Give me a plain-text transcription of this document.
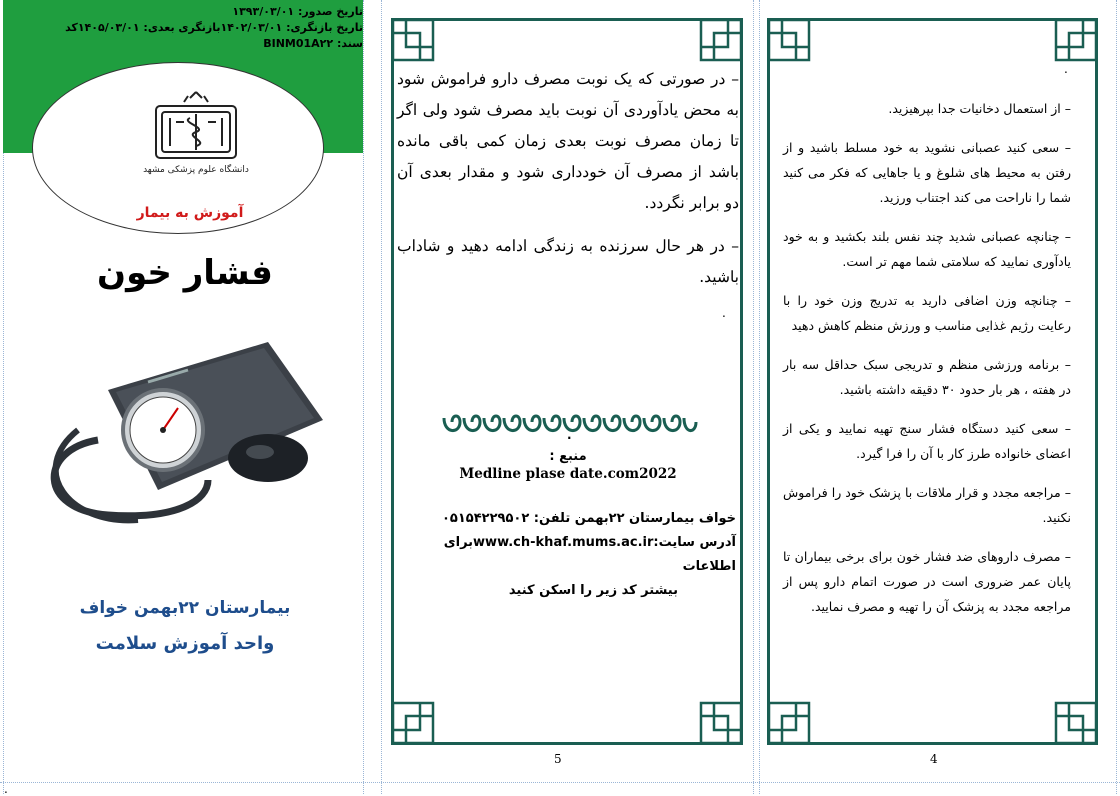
تاریخ صدور: ۱۳۹۳/۰۳/۰۱
تاریخ بازنگری: ۱۴۰۲/۰۳/۰۱بازنگری بعدی: ۱۴۰۵/۰۳/۰۱کد
سند: BINM01A۲۲
دانشگاه علوم پزشکی مشهد
آموزش به بیمار
فشار خون
بیمارستان ۲۲بهمن خواف
واحد آموزش سلامت

– در صورتی که یک نوبت مصرف دارو فراموش شود به محض یادآوردی آن نوبت باید مصرف شود ولی اگر تا زمان مصرف نوبت بعدی زمان کمی باقی مانده باشد از مصرف آن خودداری شود و مقدار بعدی آن دو برابر نگردد.

– در هر حال سرزنده به زندگی ادامه دهید و شاداب باشید.

.
.
منبع :
Medline plase date.com2022
خواف بیمارستان ۲۲بهمن تلفن: ۰۵۱۵۴۲۲۹۵۰۲
آدرس سایت:www.ch-khaf.mums.ac.irبرای اطلاعات
بیشتر کد زیر را اسکن کنید
5
.

– از استعمال دخانیات جدا بپرهیزید.

– سعی کنید عصبانی نشوید به خود مسلط باشید و از رفتن به محیط های شلوغ و یا جاهایی که فکر می کنید شما را ناراحت می کند اجتناب ورزید.

– چنانچه عصبانی شدید چند نفس بلند بکشید و به خود یادآوری نمایید که سلامتی شما مهم تر است.

– چنانچه وزن اضافی دارید به تدریج وزن خود را با رعایت رژیم غذایی مناسب و ورزش منظم کاهش دهید

– برنامه ورزشی منظم و تدریجی سبک حداقل سه بار در هفته ، هر بار حدود ۳۰ دقیقه داشته باشید.

– سعی کنید دستگاه فشار سنج تهیه نمایید و یکی از اعضای خانواده طرز کار با آن را فرا گیرد.

– مراجعه مجدد و قرار ملاقات با پزشک خود را فراموش نکنید.

– مصرف داروهای ضد فشار خون برای برخی بیماران تا پایان عمر ضروری است در صورت اتمام دارو پس از مراجعه مجدد به پزشک آن را تهیه و مصرف نمایید.

4
.
